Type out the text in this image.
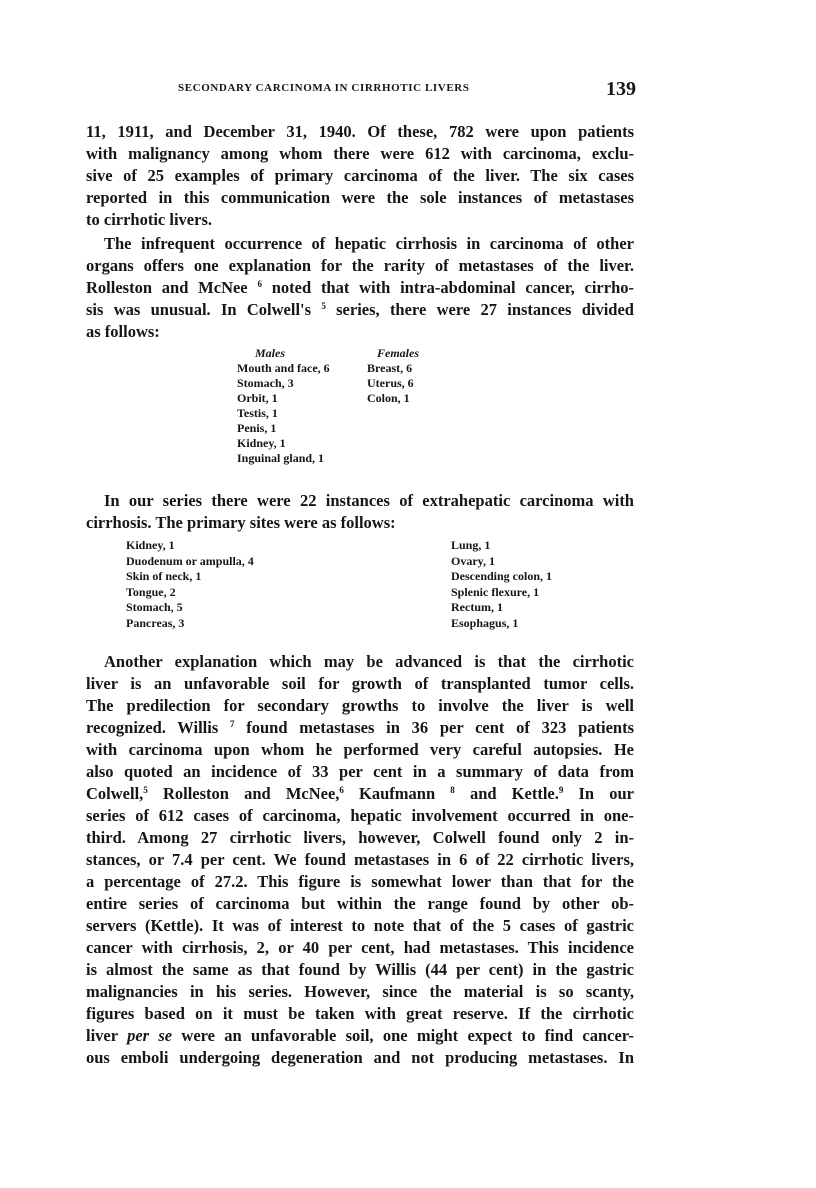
SECONDARY CARCINOMA IN CIRRHOTIC LIVERS	139
11, 1911, and December 31, 1940. Of these, 782 were upon patients
with malignancy among whom there were 612 with carcinoma, exclu-
sive of 25 examples of primary carcinoma of the liver. The six cases
reported in this communication were the sole instances of metastases
to cirrhotic livers.
The infrequent occurrence of hepatic cirrhosis in carcinoma of other
organs offers one explanation for the rarity of metastases of the liver.
Rolleston and McNee $^6$ noted that with intra-abdominal cancer, cirrho-
sis was unusual. In Colwell's $^5$ series, there were 27 instances divided
as follows:
Males	Females
Mouth and face, 6
Stomach, 3
Orbit, 1
Testis, 1
Penis, 1
Kidney, 1
Inguinal gland, 1
Breast, 6
Uterus, 6
Colon, 1
In our series there were 22 instances of extrahepatic carcinoma with
cirrhosis. The primary sites were as follows:
Kidney, 1
Duodenum or ampulla, 4
Skin of neck, 1
Tongue, 2
Stomach, 5
Pancreas, 3
Lung, 1
Ovary, 1
Descending colon, 1
Splenic flexure, 1
Rectum, 1
Esophagus, 1
Another explanation which may be advanced is that the cirrhotic
liver is an unfavorable soil for growth of transplanted tumor cells.
The predilection for secondary growths to involve the liver is well
recognized. Willis $^7$ found metastases in 36 per cent of 323 patients
with carcinoma upon whom he performed very careful autopsies. He
also quoted an incidence of 33 per cent in a summary of data from
Colwell,$^5$ Rolleston and McNee,$^6$ Kaufmann $^8$ and Kettle.$^9$ In our
series of 612 cases of carcinoma, hepatic involvement occurred in one-
third. Among 27 cirrhotic livers, however, Colwell found only 2 in-
stances, or 7.4 per cent. We found metastases in 6 of 22 cirrhotic livers,
a percentage of 27.2. This figure is somewhat lower than that for the
entire series of carcinoma but within the range found by other ob-
servers (Kettle). It was of interest to note that of the 5 cases of gastric
cancer with cirrhosis, 2, or 40 per cent, had metastases. This incidence
is almost the same as that found by Willis (44 per cent) in the gastric
malignancies in his series. However, since the material is so scanty,
figures based on it must be taken with great reserve. If the cirrhotic
liver per se were an unfavorable soil, one might expect to find cancer-
ous emboli undergoing degeneration and not producing metastases. In
